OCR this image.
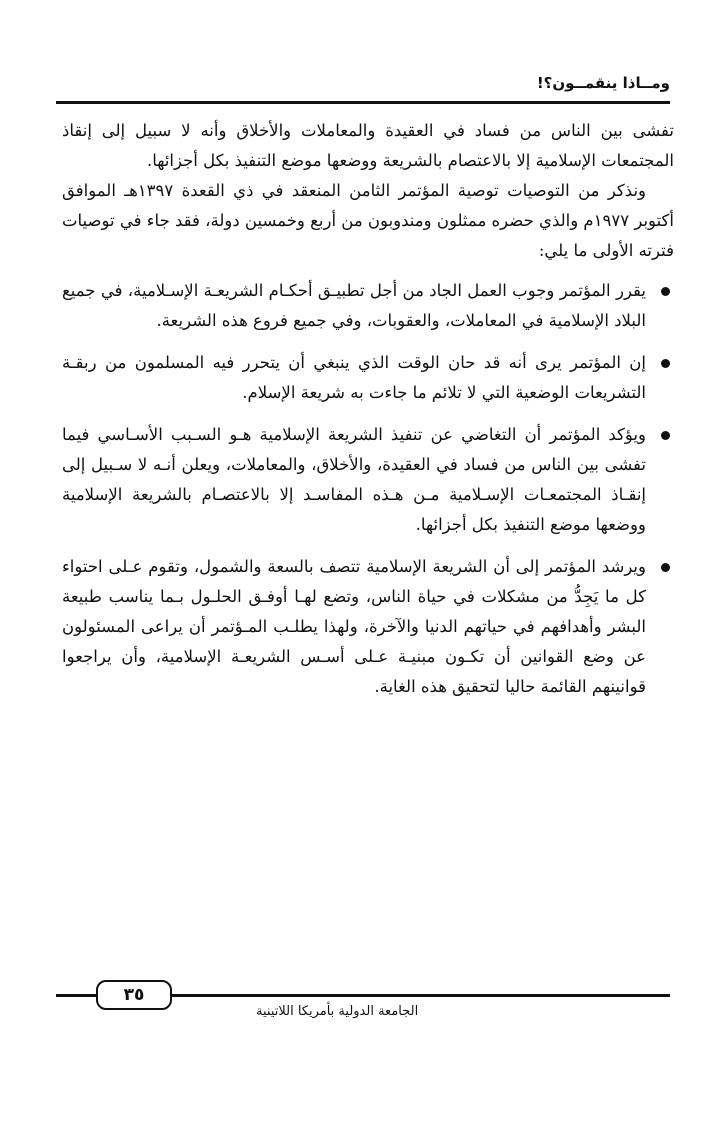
ومــاذا ينقمــون؟!

تفشى بين الناس من فساد في العقيدة والمعاملات والأخلاق وأنه لا سبيل إلى إنقاذ المجتمعات الإسلامية إلا بالاعتصام بالشريعة ووضعها موضع التنفيذ بكل أجزائها.

ونذكر من التوصيات توصية المؤتمر الثامن المنعقد في ذي القعدة ١٣٩٧هـ الموافق أكتوبر ١٩٧٧م والذي حضره ممثلون ومندوبون من أربع وخمسين دولة، فقد جاء في توصيات فترته الأولى ما يلي:

يقرر المؤتمر وجوب العمل الجاد من أجل تطبيـق أحكـام الشريعـة الإسـلامية، في جميع البلاد الإسلامية في المعاملات، والعقوبات، وفي جميع فروع هذه الشريعة.
إن المؤتمر يرى أنه قد حان الوقت الذي ينبغي أن يتحرر فيه المسلمون من ربقـة التشريعات الوضعية التي لا تلائم ما جاءت به شريعة الإسلام.
ويؤكد المؤتمر أن التغاضي عن تنفيذ الشريعة الإسلامية هـو السـبب الأسـاسي فيما تفشى بين الناس من فساد في العقيدة، والأخلاق، والمعاملات، ويعلن أنـه لا سـبيل إلى إنقـاذ المجتمعـات الإسـلامية مـن هـذه المفاسـد إلا بالاعتصـام بالشريعة الإسلامية ووضعها موضع التنفيذ بكل أجزائها.
ويرشد المؤتمر إلى أن الشريعة الإسلامية تتصف بالسعة والشمول، وتقوم عـلى احتواء كل ما يَجِدُّ من مشكلات في حياة الناس، وتضع لهـا أوفـق الحلـول بـما يناسب طبيعة البشر وأهدافهم في حياتهم الدنيا والآخرة، ولهذا يطلـب المـؤتمر أن يراعى المسئولون عن وضع القوانين أن تكـون مبنيـة عـلى أسـس الشريعـة الإسلامية، وأن يراجعوا قوانينهم القائمة حاليا لتحقيق هذه الغاية.
٣٥
الجامعة الدولية بأمريكا اللاتينية
